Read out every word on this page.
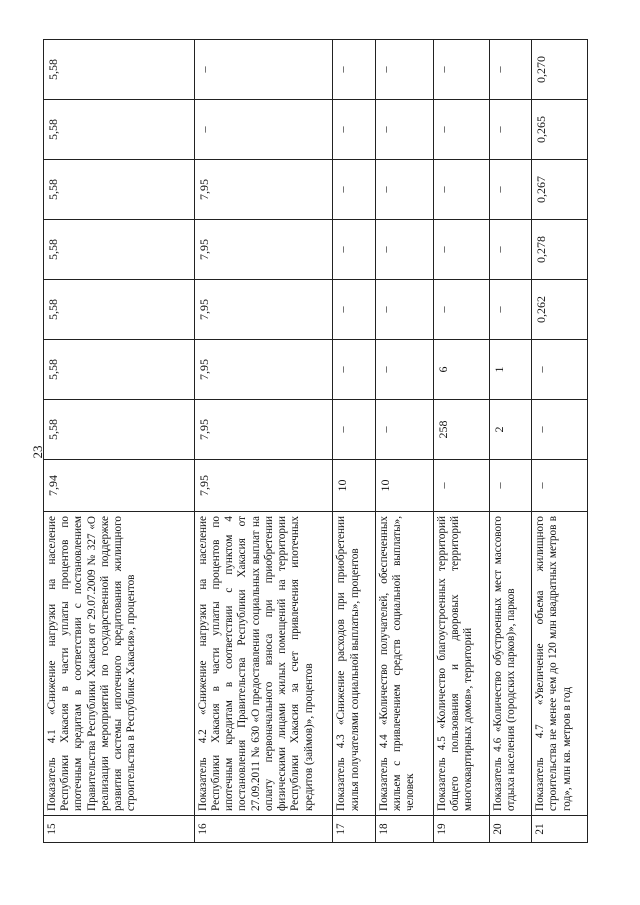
23
15	Показатель 4.1 «Снижение нагрузки на население Республики Хакасия в части уплаты процентов по ипотечным кредитам в соответствии с постановлением Правительства Республики Хакасия от 29.07.2009 № 327 «О реализации мероприятий по государственной поддержке развития системы ипотечного кредитования жилищного строительства в Республике Хакасия», процентов	7,94	5,58	5,58	5,58	5,58	5,58	5,58	5,58
16	Показатель 4.2 «Снижение нагрузки на население Республики Хакасия в части уплаты процентов по ипотечным кредитам в соответствии с пунктом 4 постановления Правительства Республики Хакасия от 27.09.2011 № 630 «О предоставлении социальных выплат на оплату первоначального взноса при приобретении физическими лицами жилых помещений на территории Республики Хакасия за счет привлечения ипотечных кредитов (займов)», процентов	7,95	7,95	7,95	7,95	7,95	7,95	–	–
17	Показатель 4.3 «Снижение расходов при приобретении жилья получателями социальной выплаты», процентов	10	–	–	–	–	–	–	–
18	Показатель 4.4 «Количество получателей, обеспеченных жильем с привлечением средств социальной выплаты», человек	10	–	–	–	–	–	–	–
19	Показатель 4.5 «Количество благоустроенных территорий общего пользования и дворовых территорий многоквартирных домов», территорий	–	258	6	–	–	–	–	–
20	Показатель 4.6 «Количество обустроенных мест массового отдыха населения (городских парков)», парков	–	2	1	–	–	–	–	–
21	Показатель 4.7 «Увеличение объема жилищного строительства не менее чем до 120 млн квадратных метров в год», млн кв. метров в год	–	–	–	0,262	0,278	0,267	0,265	0,270
